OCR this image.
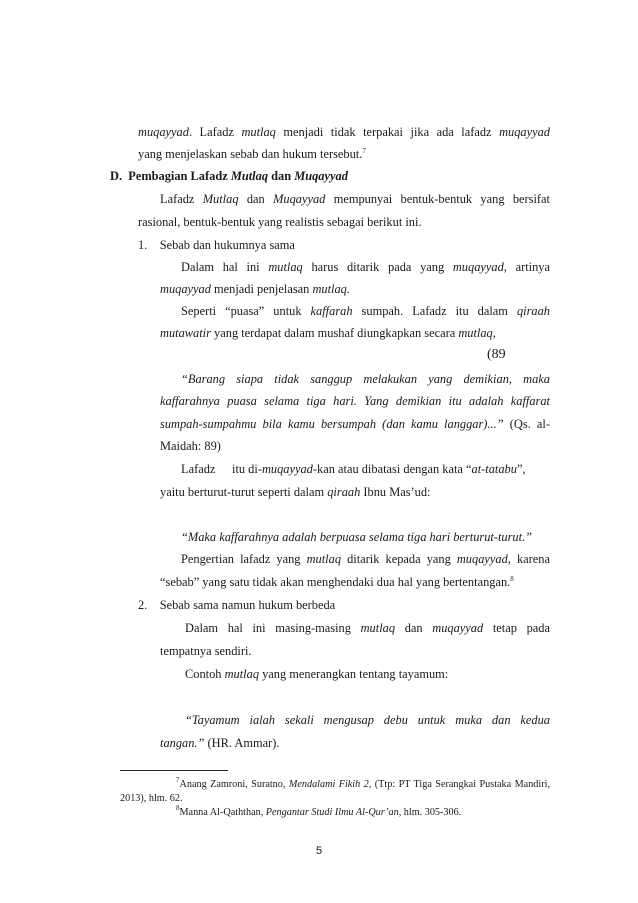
muqayyad. Lafadz mutlaq menjadi tidak terpakai jika ada lafadz muqayyad
yang menjelaskan sebab dan hukum tersebut.$^7$
D. Pembagian Lafadz Mutlaq dan Muqayyad
Lafadz Mutlaq dan Muqayyad mempunyai bentuk-bentuk yang bersifat
rasional, bentuk-bentuk yang realistis sebagai berikut ini.
1. Sebab dan hukumnya sama
Dalam hal ini mutlaq harus ditarik pada yang muqayyad, artinya
muqayyad menjadi penjelasan mutlaq.
Seperti “puasa” untuk kaffarah sumpah. Lafadz itu dalam qiraah
mutawatir yang terdapat dalam mushaf diungkapkan secara mutlaq,
(89
“Barang siapa tidak sanggup melakukan yang demikian, maka
kaffarahnya puasa selama tiga hari. Yang demikian itu adalah kaffarat
sumpah-sumpahmu bila kamu bersumpah (dan kamu langgar)...” (Qs. al-
Maidah: 89)
Lafadz itu di-muqayyad-kan atau dibatasi dengan kata “at-tatabu”,
yaitu berturut-turut seperti dalam qiraah Ibnu Mas’ud:
“Maka kaffarahnya adalah berpuasa selama tiga hari berturut-turut.”
Pengertian lafadz yang mutlaq ditarik kepada yang muqayyad, karena
“sebab” yang satu tidak akan menghendaki dua hal yang bertentangan.$^8$
2. Sebab sama namun hukum berbeda
Dalam hal ini masing-masing mutlaq dan muqayyad tetap pada
tempatnya sendiri.
Contoh mutlaq yang menerangkan tentang tayamum:
“Tayamum ialah sekali mengusap debu untuk muka dan kedua
tangan.” (HR. Ammar).
$^7$Anang Zamroni, Suratno, Mendalami Fikih 2, (Ttp: PT Tiga Serangkai Pustaka Mandiri,
2013), hlm. 62.
$^8$Manna Al-Qaththan, Pengantar Studi Ilmu Al-Qur’an, hlm. 305-306.
5
